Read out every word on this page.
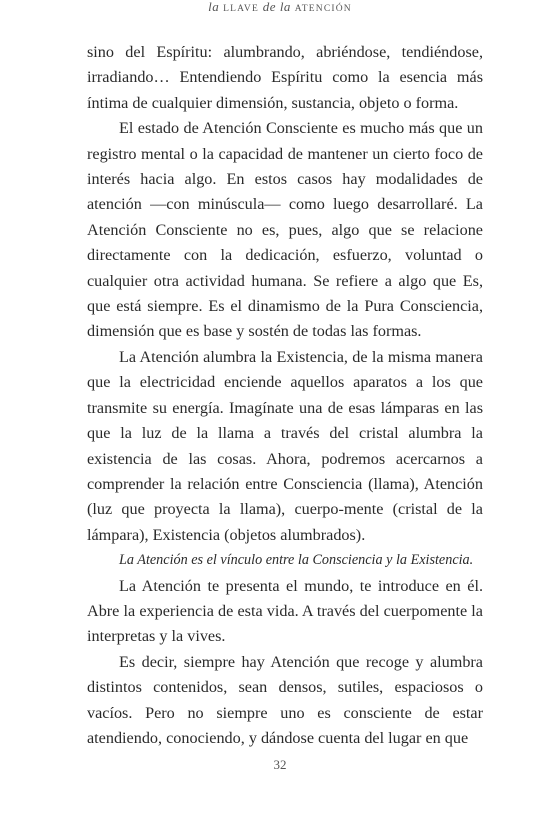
la LLAVE de la ATENCIÓN

sino del Espíritu: alumbrando, abriéndose, tendiéndose, irradiando… Entendiendo Espíritu como la esencia más íntima de cualquier dimensión, sustancia, objeto o forma.

El estado de Atención Consciente es mucho más que un registro mental o la capacidad de mantener un cierto foco de interés hacia algo. En estos casos hay modalidades de atención —con minúscula— como luego desarrollaré. La Atención Consciente no es, pues, algo que se relacione directamente con la dedicación, esfuerzo, voluntad o cualquier otra actividad humana. Se refiere a algo que Es, que está siempre. Es el dinamismo de la Pura Consciencia, dimensión que es base y sostén de todas las formas.

La Atención alumbra la Existencia, de la misma manera que la electricidad enciende aquellos aparatos a los que transmite su energía. Imagínate una de esas lámparas en las que la luz de la llama a través del cristal alumbra la existencia de las cosas. Ahora, podremos acercarnos a comprender la relación entre Consciencia (llama), Atención (luz que proyecta la llama), cuerpo-mente (cristal de la lámpara), Existencia (objetos alumbrados).

La Atención es el vínculo entre la Consciencia y la Existencia.

La Atención te presenta el mundo, te introduce en él. Abre la experiencia de esta vida. A través del cuerpomente la interpretas y la vives.

Es decir, siempre hay Atención que recoge y alumbra distintos contenidos, sean densos, sutiles, espaciosos o vacíos. Pero no siempre uno es consciente de estar atendiendo, conociendo, y dándose cuenta del lugar en que

32
